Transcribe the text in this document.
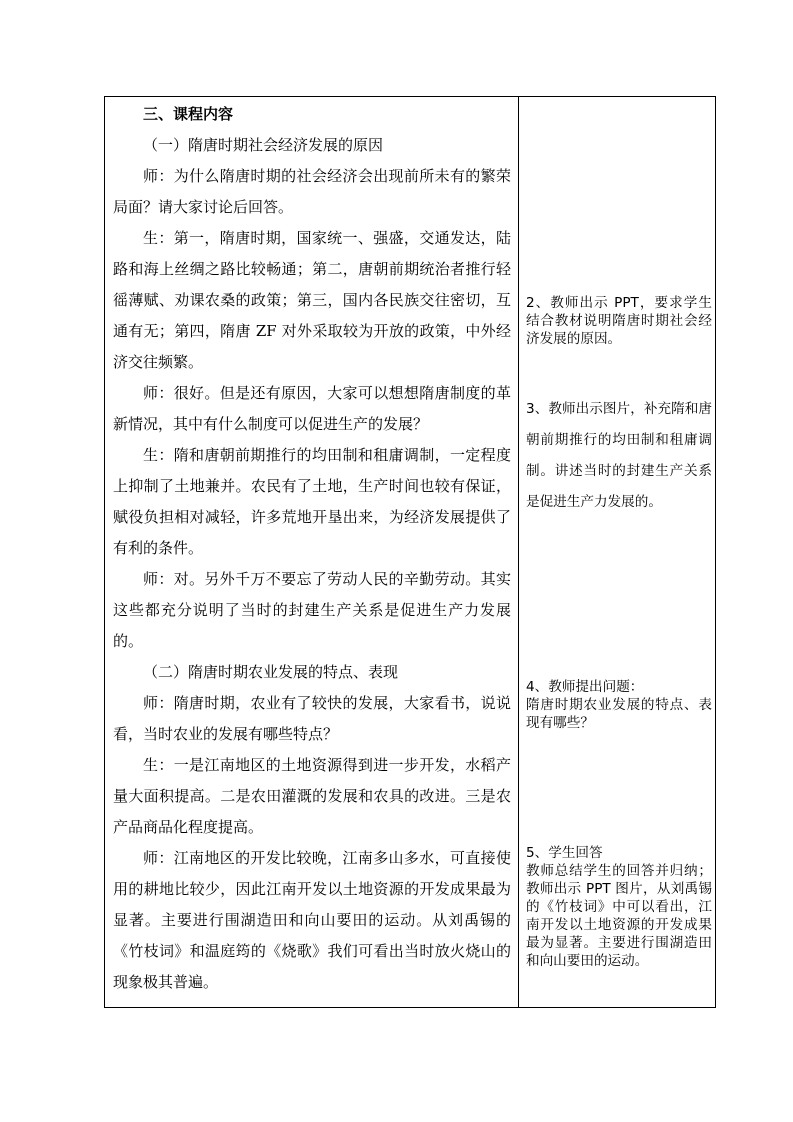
三、课程内容

（一）隋唐时期社会经济发展的原因

师：为什么隋唐时期的社会经济会出现前所未有的繁荣局面？请大家讨论后回答。

生：第一，隋唐时期，国家统一、强盛，交通发达，陆路和海上丝绸之路比较畅通；第二，唐朝前期统治者推行轻徭薄赋、劝课农桑的政策；第三，国内各民族交往密切，互通有无；第四，隋唐 ZF 对外采取较为开放的政策，中外经济交往频繁。

师：很好。但是还有原因，大家可以想想隋唐制度的革新情况，其中有什么制度可以促进生产的发展？

生：隋和唐朝前期推行的均田制和租庸调制，一定程度上抑制了土地兼并。农民有了土地，生产时间也较有保证，赋役负担相对减轻，许多荒地开垦出来，为经济发展提供了有利的条件。

师：对。另外千万不要忘了劳动人民的辛勤劳动。其实这些都充分说明了当时的封建生产关系是促进生产力发展的。

（二）隋唐时期农业发展的特点、表现

师：隋唐时期，农业有了较快的发展，大家看书，说说看，当时农业的发展有哪些特点？

生：一是江南地区的土地资源得到进一步开发，水稻产量大面积提高。二是农田灌溉的发展和农具的改进。三是农产品商品化程度提高。

师：江南地区的开发比较晚，江南多山多水，可直接使用的耕地比较少，因此江南开发以土地资源的开发成果最为显著。主要进行围湖造田和向山要田的运动。从刘禹锡的《竹枝词》和温庭筠的《烧歌》我们可看出当时放火烧山的现象极其普遍。

2、教师出示 PPT，要求学生结合教材说明隋唐时期社会经济发展的原因。

3、教师出示图片，补充隋和唐朝前期推行的均田制和租庸调制。讲述当时的封建生产关系是促进生产力发展的。

4、教师提出问题：

隋唐时期农业发展的特点、表现有哪些？

5、学生回答

教师总结学生的回答并归纳；教师出示 PPT 图片，从刘禹锡的《竹枝词》中可以看出，江南开发以土地资源的开发成果最为显著。主要进行围湖造田和向山要田的运动。
